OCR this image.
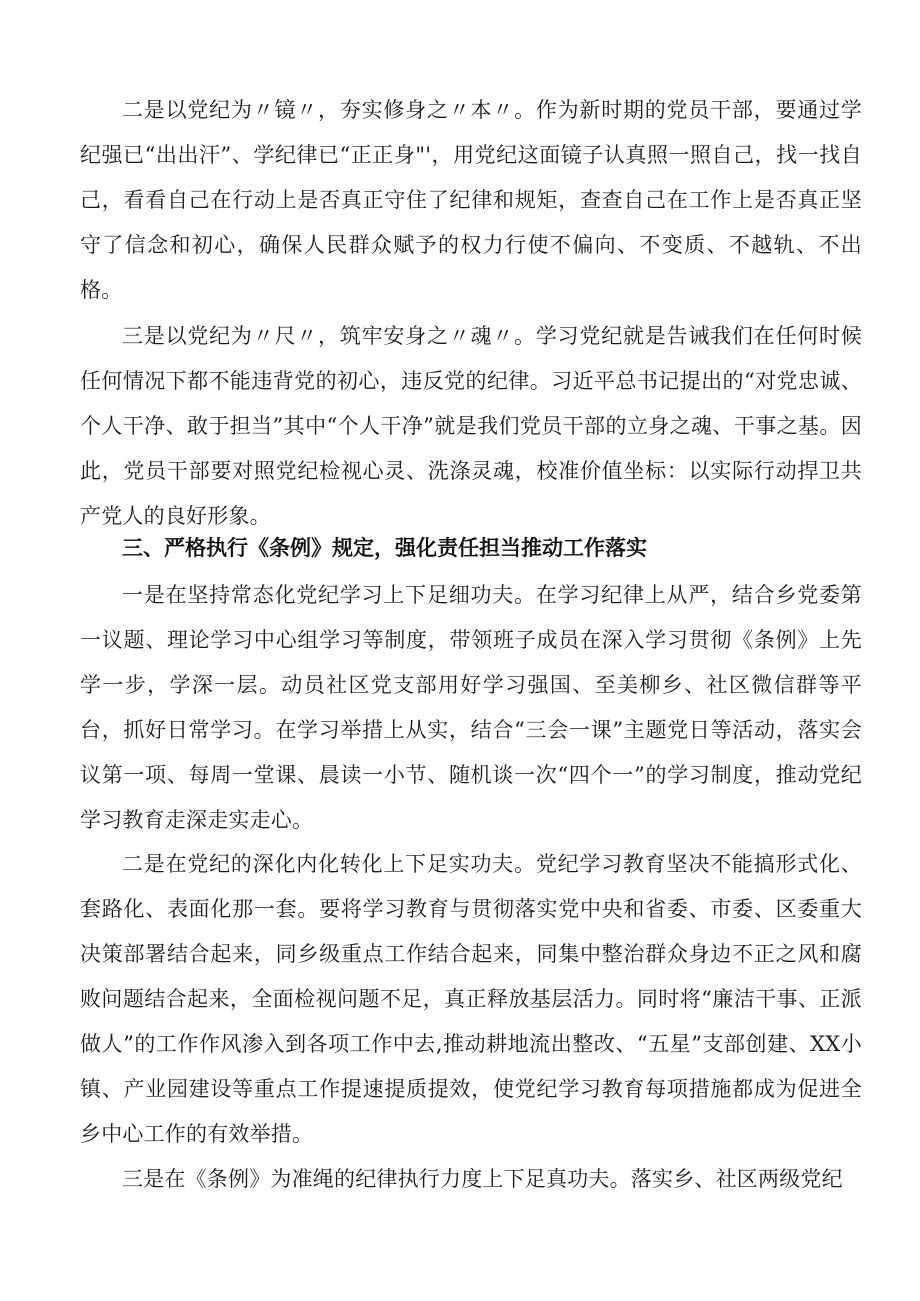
二是以党纪为〃镜〃，夯实修身之〃本〃。作为新时期的党员干部，要通过学纪强已“出出汗”、学纪律已“正正身"'，用党纪这面镜子认真照一照自己，找一找自己，看看自己在行动上是否真正守住了纪律和规矩，查查自己在工作上是否真正坚守了信念和初心，确保人民群众赋予的权力行使不偏向、不变质、不越轨、不出格。

三是以党纪为〃尺〃，筑牢安身之〃魂〃。学习党纪就是告诫我们在任何时候任何情况下都不能违背党的初心，违反党的纪律。习近平总书记提出的“对党忠诚、个人干净、敢于担当”其中“个人干净”就是我们党员干部的立身之魂、干事之基。因此，党员干部要对照党纪检视心灵、洗涤灵魂，校准价值坐标：以实际行动捍卫共产党人的良好形象。

三、严格执行《条例》规定，强化责任担当推动工作落实

一是在坚持常态化党纪学习上下足细功夫。在学习纪律上从严，结合乡党委第一议题、理论学习中心组学习等制度，带领班子成员在深入学习贯彻《条例》上先学一步，学深一层。动员社区党支部用好学习强国、至美柳乡、社区微信群等平台，抓好日常学习。在学习举措上从实，结合“三会一课”主题党日等活动，落实会议第一项、每周一堂课、晨读一小节、随机谈一次“四个一”的学习制度，推动党纪学习教育走深走实走心。

二是在党纪的深化内化转化上下足实功夫。党纪学习教育坚决不能搞形式化、套路化、表面化那一套。要将学习教育与贯彻落实党中央和省委、市委、区委重大决策部署结合起来，同乡级重点工作结合起来，同集中整治群众身边不正之风和腐败问题结合起来，全面检视问题不足，真正释放基层活力。同时将“廉洁干事、正派做人”的工作作风渗入到各项工作中去,推动耕地流出整改、“五星”支部创建、XX小镇、产业园建设等重点工作提速提质提效，使党纪学习教育每项措施都成为促进全乡中心工作的有效举措。

三是在《条例》为准绳的纪律执行力度上下足真功夫。落实乡、社区两级党纪
